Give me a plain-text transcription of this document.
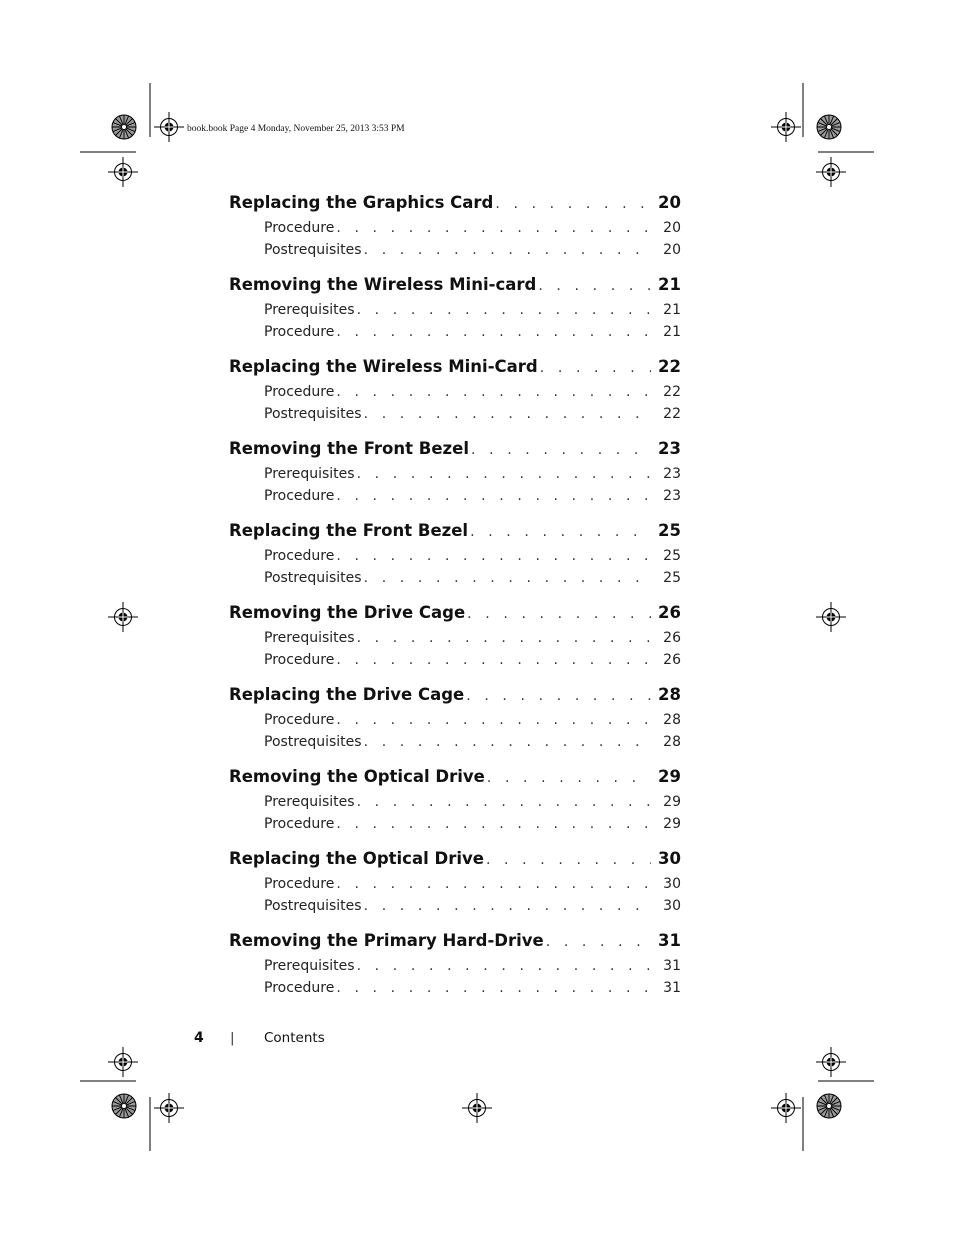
book.book Page 4 Monday, November 25, 2013 3:53 PM
Replacing the Graphics Card . . .	20
Procedure . . .	20
Postrequisites . . .	20
Removing the Wireless Mini-card . . .	21
Prerequisites . . .	21
Procedure . . .	21
Replacing the Wireless Mini-Card . . .	22
Procedure . . .	22
Postrequisites . . .	22
Removing the Front Bezel . . .	23
Prerequisites . . .	23
Procedure . . .	23
Replacing the Front Bezel . . .	25
Procedure . . .	25
Postrequisites . . .	25
Removing the Drive Cage . . .	26
Prerequisites . . .	26
Procedure . . .	26
Replacing the Drive Cage . . .	28
Procedure . . .	28
Postrequisites . . .	28
Removing the Optical Drive . . .	29
Prerequisites . . .	29
Procedure . . .	29
Replacing the Optical Drive . . .	30
Procedure . . .	30
Postrequisites . . .	30
Removing the Primary Hard-Drive . . .	31
Prerequisites . . .	31
Procedure . . .	31
4 | Contents
